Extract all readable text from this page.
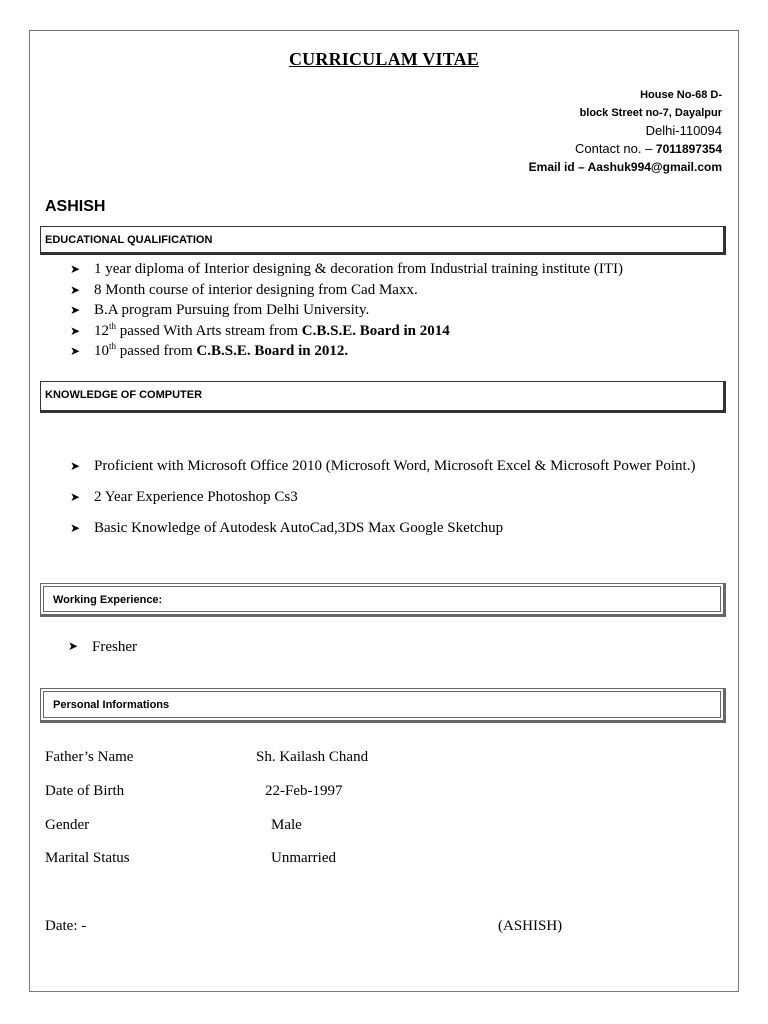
CURRICULAM VITAE
House No-68 D-
block Street no-7, Dayalpur
Delhi-110094
Contact no. – 7011897354
Email id – Aashuk994@gmail.com
ASHISH
EDUCATIONAL QUALIFICATION
➤ 1 year diploma of Interior designing & decoration from Industrial training institute (ITI)
➤ 8 Month course of interior designing from Cad Maxx.
➤ B.A program Pursuing from Delhi University.
➤ 12th passed With Arts stream from C.B.S.E. Board in 2014
➤ 10th passed from C.B.S.E. Board in 2012.
KNOWLEDGE OF COMPUTER
➤ Proficient with Microsoft Office 2010 (Microsoft Word, Microsoft Excel & Microsoft Power Point.)
➤ 2 Year Experience Photoshop Cs3
➤ Basic Knowledge of Autodesk AutoCad,3DS Max Google Sketchup
Working Experience:
➤ Fresher
Personal Informations
Father’s Name	Sh. Kailash Chand
Date of Birth	22-Feb-1997
Gender	Male
Marital Status	Unmarried
Date: -	(ASHISH)
